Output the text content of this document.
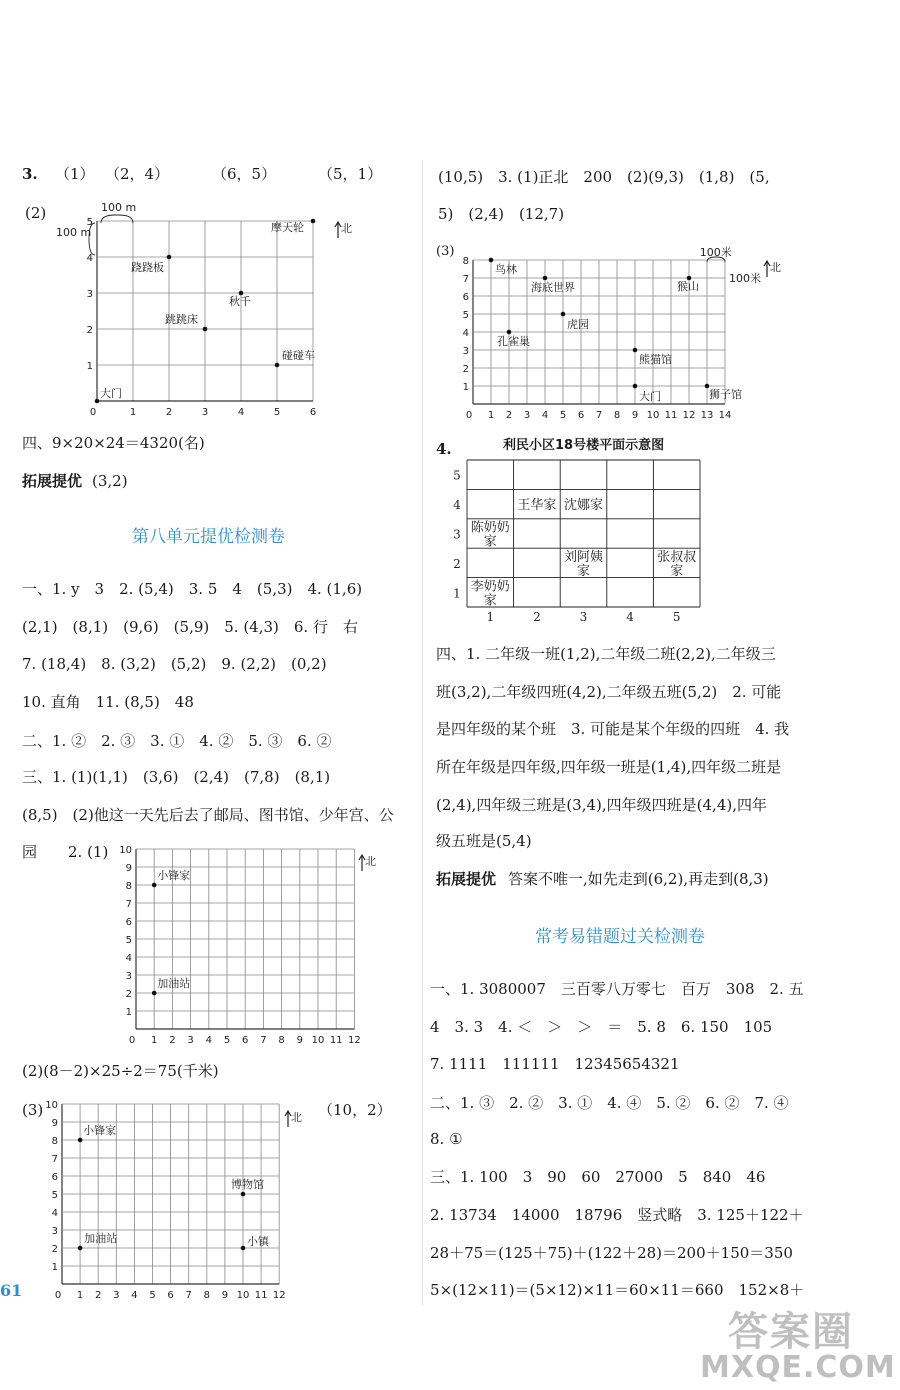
3. （1） （2，4）	（6，5）	（5，1）
(2)
0	1	2	3	4	5	6
1
2
3
4
5	北
大门
碰碰车
跳跳床
秋千
跷跷板
摩天轮
100 m
100 m
四、9×20×24＝4320(名)
拓展提优 (3,2)
第八单元提优检测卷
一、1. y　3　2. (5,4)　3. 5　4　(5,3)　4. (1,6)
(2,1)　(8,1)　(9,6)　(5,9)　5. (4,3)　6. 行　右
7. (18,4)　8. (3,2)　(5,2)　9. (2,2)　(0,2)
10. 直角　11. (8,5)　48
二、1. ②　2. ③　3. ①　4. ②　5. ③　6. ②
三、1. (1)(1,1)　(3,6)　(2,4)　(7,8)　(8,1)
(8,5)　(2)他这一天先后去了邮局、图书馆、少年宫、公
园 2. (1)
0 1 2 3 4 5 6 7 8 9 10 11 12
1
2
3
4
5
6
7
8
9
10
北
小锋家
加油站
(2)(8－2)×25÷2＝75(千米)
(3)
0 1 2 3 4 5 6 7 8 9 10 11 12
1
2
3
4
5
6
7
8
9
10
北
小锋家
博物馆
加油站	小镇
（10，2）
61
(10,5)　3. (1)正北　200　(2)(9,3)　(1,8)　(5,
5)　(2,4)　(12,7)
(3)
0 1 2 3 4 5 6 7 8 9 10 11 12 13 14
1
2
3
4
5
6
7
8	北
鸟林
海底世界	猴山
虎园
孔雀巢
熊猫馆
大门	狮子馆
100米
100米
4.	利民小区18号楼平面示意图
1	2	3	4	5
1
2
3
4
5
王华家 沈娜家
陈奶奶
家
刘阿姨
家
张叔叔
家
李奶奶
家
四、1. 二年级一班(1,2),二年级二班(2,2),二年级三
班(3,2),二年级四班(4,2),二年级五班(5,2)　2. 可能
是四年级的某个班　3. 可能是某个年级的四班　4. 我
所在年级是四年级,四年级一班是(1,4),四年级二班是
(2,4),四年级三班是(3,4),四年级四班是(4,4),四年
级五班是(5,4)
拓展提优 答案不唯一,如先走到(6,2),再走到(8,3)
常考易错题过关检测卷
一、1. 3080007　三百零八万零七　百万　308　2. 五
4　3. 3　4. ＜　＞　＞　＝　5. 8　6. 150　105
7. 1111　111111　12345654321
二、1. ③　2. ②　3. ①　4. ④　5. ②　6. ②　7. ④
8. ①
三、1. 100　3　90　60　27000　5　840　46
2. 13734　14000　18796　竖式略　3. 125＋122＋
28＋75＝(125＋75)＋(122＋28)＝200＋150＝350
5×(12×11)＝(5×12)×11＝60×11＝660　152×8＋
答案圈
MXQE.COM
